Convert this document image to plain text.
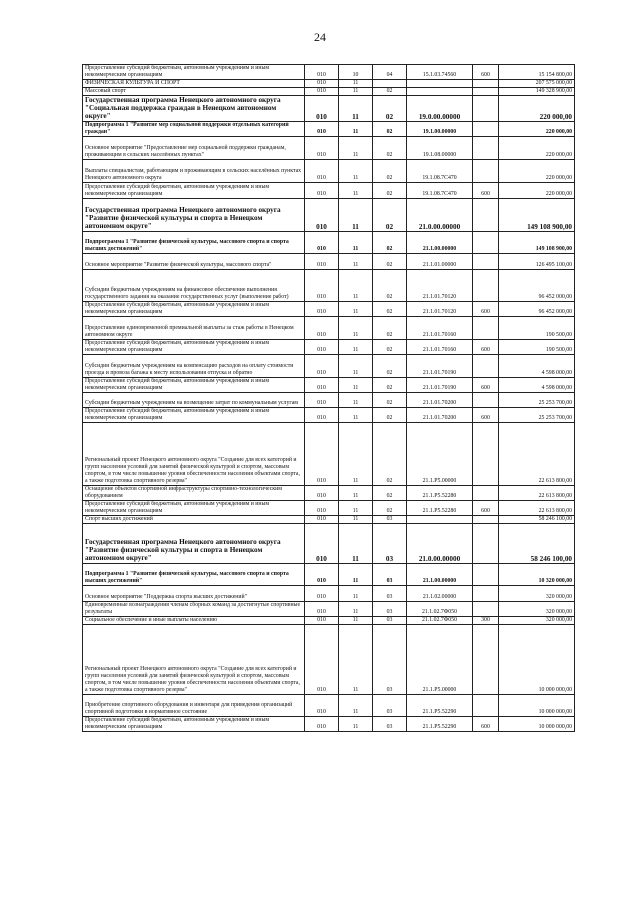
24
Предоставление субсидий бюджетным, автономным учреждениям и иным некоммерческим организациям	010	10	04	15.1.03.74560	600	15 154 800,00
ФИЗИЧЕСКАЯ КУЛЬТУРА И СПОРТ	010	11				207 575 000,00
Массовый спорт	010	11	02			149 328 900,00
Государственная программа Ненецкого автономного округа "Социальная поддержка граждан в Ненецком автономном округе"	010	11	02	19.0.00.00000		220 000,00
Подпрограмма 1 "Развитие мер социальной поддержки отдельных категорий граждан"	010	11	02	19.1.00.00000		220 000,00
Основное мероприятие "Предоставление мер социальной поддержки гражданам, проживающим в сельских населённых пунктах"	010	11	02	19.1.08.00000		220 000,00
Выплаты специалистам, работающим и проживающим в сельских населённых пунктах Ненецкого автономного округа	010	11	02	19.1.08.7С470		220 000,00
Предоставление субсидий бюджетным, автономным учреждениям и иным некоммерческим организациям	010	11	02	19.1.08.7С470	600	220 000,00
Государственная программа Ненецкого автономного округа "Развитие физической культуры и спорта в Ненецком автономном округе"	010	11	02	21.0.00.00000		149 108 900,00
Подпрограмма 1 "Развитие физической культуры, массового спорта и спорта высших достижений"	010	11	02	21.1.00.00000		149 108 900,00
Основное мероприятие "Развитие физической культуры, массового спорта"	010	11	02	21.1.01.00000		126 495 100,00
Субсидии бюджетным учреждениям на финансовое обеспечение выполнения государственного задания на оказание государственных услуг (выполнение работ)	010	11	02	21.1.01.70120		96 452 000,00
Предоставление субсидий бюджетным, автономным учреждениям и иным некоммерческим организациям	010	11	02	21.1.01.70120	600	96 452 000,00
Предоставление единовременной премиальной выплаты за стаж работы в Ненецком автономном округе	010	11	02	21.1.01.70160		190 500,00
Предоставление субсидий бюджетным, автономным учреждениям и иным некоммерческим организациям	010	11	02	21.1.01.70160	600	190 500,00
Субсидии бюджетным учреждениям на компенсацию расходов на оплату стоимости проезда и провоза багажа к месту использования отпуска и обратно	010	11	02	21.1.01.70190		4 598 000,00
Предоставление субсидий бюджетным, автономным учреждениям и иным некоммерческим организациям	010	11	02	21.1.01.70190	600	4 598 000,00
Субсидии бюджетным учреждениям на возмещение затрат по коммунальным услугам	010	11	02	21.1.01.70200		25 253 700,00
Предоставление субсидий бюджетным, автономным учреждениям и иным некоммерческим организациям	010	11	02	21.1.01.70200	600	25 253 700,00
Региональный проект Ненецкого автономного округа "Создание для всех категорий и групп населения условий для занятий физической культурой и спортом, массовым спортом, в том числе повышение уровня обеспеченности населения объектами спорта, а также подготовка спортивного резерва"	010	11	02	21.1.P5.00000		22 613 800,00
Оснащение объектов спортивной инфраструктуры спортивно-технологическим оборудованием	010	11	02	21.1.P5.52280		22 613 800,00
Предоставление субсидий бюджетным, автономным учреждениям и иным некоммерческим организациям	010	11	02	21.1.P5.52280	600	22 613 800,00
Спорт высших достижений	010	11	03			58 246 100,00
Государственная программа Ненецкого автономного округа "Развитие физической культуры и спорта в Ненецком автономном округе"	010	11	03	21.0.00.00000		58 246 100,00
Подпрограмма 1 "Развитие физической культуры, массового спорта и спорта высших достижений"	010	11	03	21.1.00.00000		10 320 000,00
Основное мероприятие "Поддержка спорта высших достижений"	010	11	03	21.1.02.00000		320 000,00
Единовременные вознаграждения членам сборных команд за достигнутые спортивные результаты	010	11	03	21.1.02.7Ф050		320 000,00
Социальное обеспечение и иные выплаты населению	010	11	03	21.1.02.7Ф050	300	320 000,00
Региональный проект Ненецкого автономного округа "Создание для всех категорий и групп населения условий для занятий физической культурой и спортом, массовым спортом, в том числе повышение уровня обеспеченности населения объектами спорта, а также подготовка спортивного резерва"	010	11	03	21.1.P5.00000		10 000 000,00
Приобретение спортивного оборудования и инвентаря для приведения организаций спортивной подготовки в нормативное состояние	010	11	03	21.1.P5.52290		10 000 000,00
Предоставление субсидий бюджетным, автономным учреждениям и иным некоммерческим организациям	010	11	03	21.1.P5.52290	600	10 000 000,00
